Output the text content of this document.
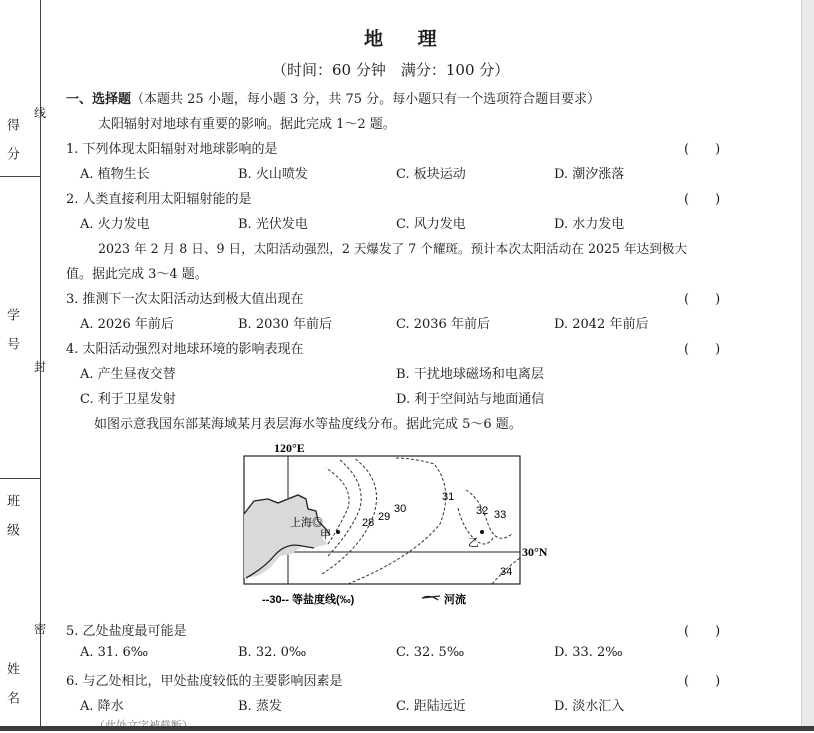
得 分
线
学 号
封
班 级
密
姓 名
地 理
（时间：60 分钟　满分：100 分）
一、选择题（本题共 25 小题，每小题 3 分，共 75 分。每小题只有一个选项符合题目要求）
太阳辐射对地球有重要的影响。据此完成 1～2 题。
1. 下列体现太阳辐射对地球影响的是	(　　)
A. 植物生长	B. 火山喷发	C. 板块运动	D. 潮汐涨落
2. 人类直接利用太阳辐射能的是	(　　)
A. 火力发电	B. 光伏发电	C. 风力发电	D. 水力发电
2023 年 2 月 8 日、9 日，太阳活动强烈，2 天爆发了 7 个耀斑。预计本次太阳活动在 2025 年达到极大
值。据此完成 3～4 题。
3. 推测下一次太阳活动达到极大值出现在	(　　)
A. 2026 年前后	B. 2030 年前后	C. 2036 年前后	D. 2042 年前后
4. 太阳活动强烈对地球环境的影响表现在	(　　)
A. 产生昼夜交替	B. 干扰地球磁场和电离层
C. 利于卫星发射	D. 利于空间站与地面通信
如图示意我国东部某海域某月表层海水等盐度线分布。据此完成 5～6 题。
120°E
30°N
上海◎
甲
乙
28 29
30
31
32 33
34
--30-- 等盐度线(‰)	河流
5. 乙处盐度最可能是	(　　)
A. 31. 6‰	B. 32. 0‰	C. 32. 5‰	D. 33. 2‰
6. 与乙处相比，甲处盐度较低的主要影响因素是	(　　)
A. 降水	B. 蒸发	C. 距陆远近	D. 淡水汇入
